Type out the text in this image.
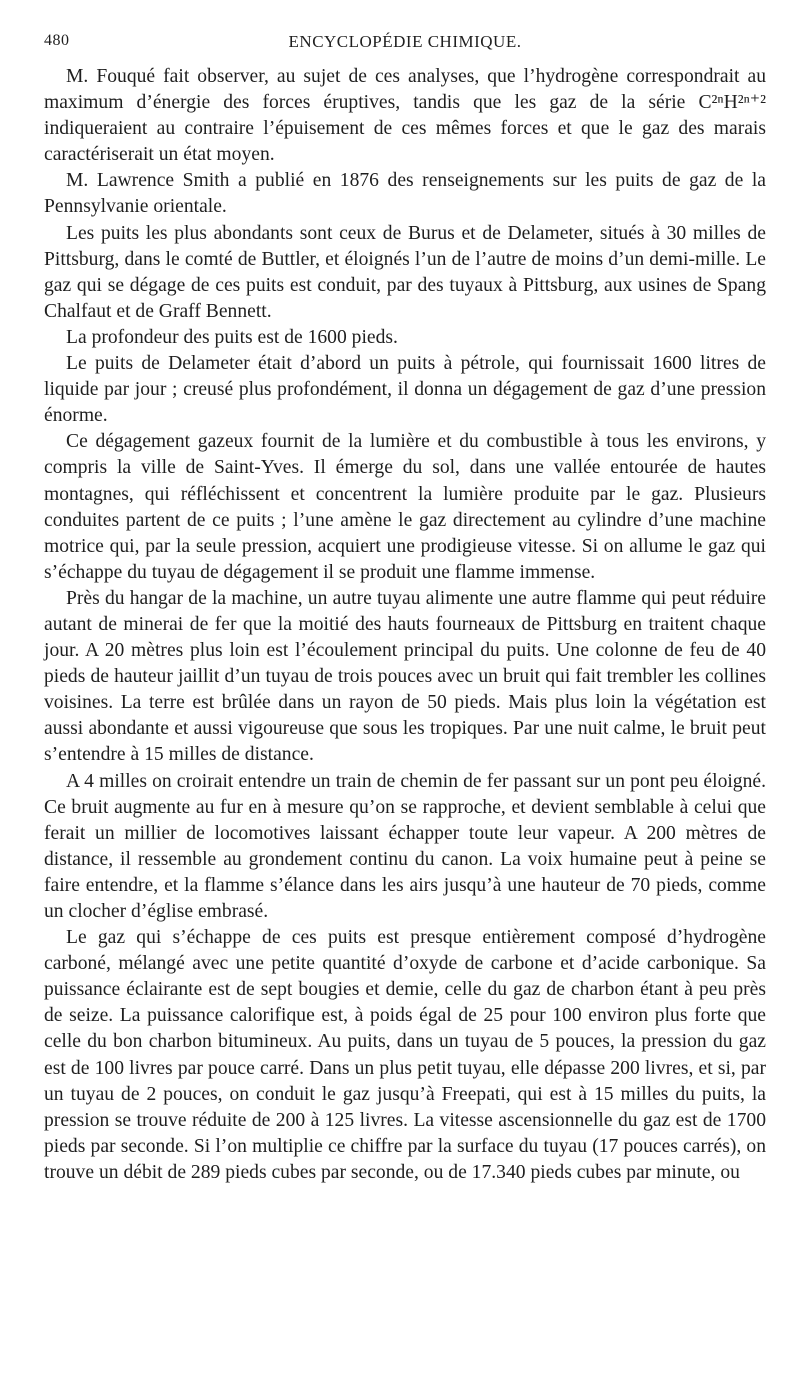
480	ENCYCLOPÉDIE CHIMIQUE.

M. Fouqué fait observer, au sujet de ces analyses, que l’hydrogène correspondrait au maximum d’énergie des forces éruptives, tandis que les gaz de la série C²ⁿH²ⁿ⁺² indiqueraient au contraire l’épuisement de ces mêmes forces et que le gaz des marais caractériserait un état moyen.

M. Lawrence Smith a publié en 1876 des renseignements sur les puits de gaz de la Pennsylvanie orientale.

Les puits les plus abondants sont ceux de Burus et de Delameter, situés à 30 milles de Pittsburg, dans le comté de Buttler, et éloignés l’un de l’autre de moins d’un demi-mille. Le gaz qui se dégage de ces puits est conduit, par des tuyaux à Pittsburg, aux usines de Spang Chalfaut et de Graff Bennett.

La profondeur des puits est de 1600 pieds.

Le puits de Delameter était d’abord un puits à pétrole, qui fournissait 1600 litres de liquide par jour ; creusé plus profondément, il donna un dégagement de gaz d’une pression énorme.

Ce dégagement gazeux fournit de la lumière et du combustible à tous les environs, y compris la ville de Saint-Yves. Il émerge du sol, dans une vallée entourée de hautes montagnes, qui réfléchissent et concentrent la lumière produite par le gaz. Plusieurs conduites partent de ce puits ; l’une amène le gaz directement au cylindre d’une machine motrice qui, par la seule pression, acquiert une prodigieuse vitesse. Si on allume le gaz qui s’échappe du tuyau de dégagement il se produit une flamme immense.

Près du hangar de la machine, un autre tuyau alimente une autre flamme qui peut réduire autant de minerai de fer que la moitié des hauts fourneaux de Pittsburg en traitent chaque jour. A 20 mètres plus loin est l’écoulement principal du puits. Une colonne de feu de 40 pieds de hauteur jaillit d’un tuyau de trois pouces avec un bruit qui fait trembler les collines voisines. La terre est brûlée dans un rayon de 50 pieds. Mais plus loin la végétation est aussi abondante et aussi vigoureuse que sous les tropiques. Par une nuit calme, le bruit peut s’entendre à 15 milles de distance.

A 4 milles on croirait entendre un train de chemin de fer passant sur un pont peu éloigné. Ce bruit augmente au fur en à mesure qu’on se rapproche, et devient semblable à celui que ferait un millier de locomotives laissant échapper toute leur vapeur. A 200 mètres de distance, il ressemble au grondement continu du canon. La voix humaine peut à peine se faire entendre, et la flamme s’élance dans les airs jusqu’à une hauteur de 70 pieds, comme un clocher d’église embrasé.

Le gaz qui s’échappe de ces puits est presque entièrement composé d’hydrogène carboné, mélangé avec une petite quantité d’oxyde de carbone et d’acide carbonique. Sa puissance éclairante est de sept bougies et demie, celle du gaz de charbon étant à peu près de seize. La puissance calorifique est, à poids égal de 25 pour 100 environ plus forte que celle du bon charbon bitumineux. Au puits, dans un tuyau de 5 pouces, la pression du gaz est de 100 livres par pouce carré. Dans un plus petit tuyau, elle dépasse 200 livres, et si, par un tuyau de 2 pouces, on conduit le gaz jusqu’à Freepati, qui est à 15 milles du puits, la pression se trouve réduite de 200 à 125 livres. La vitesse ascensionnelle du gaz est de 1700 pieds par seconde. Si l’on multiplie ce chiffre par la surface du tuyau (17 pouces carrés), on trouve un débit de 289 pieds cubes par seconde, ou de 17.340 pieds cubes par minute, ou
